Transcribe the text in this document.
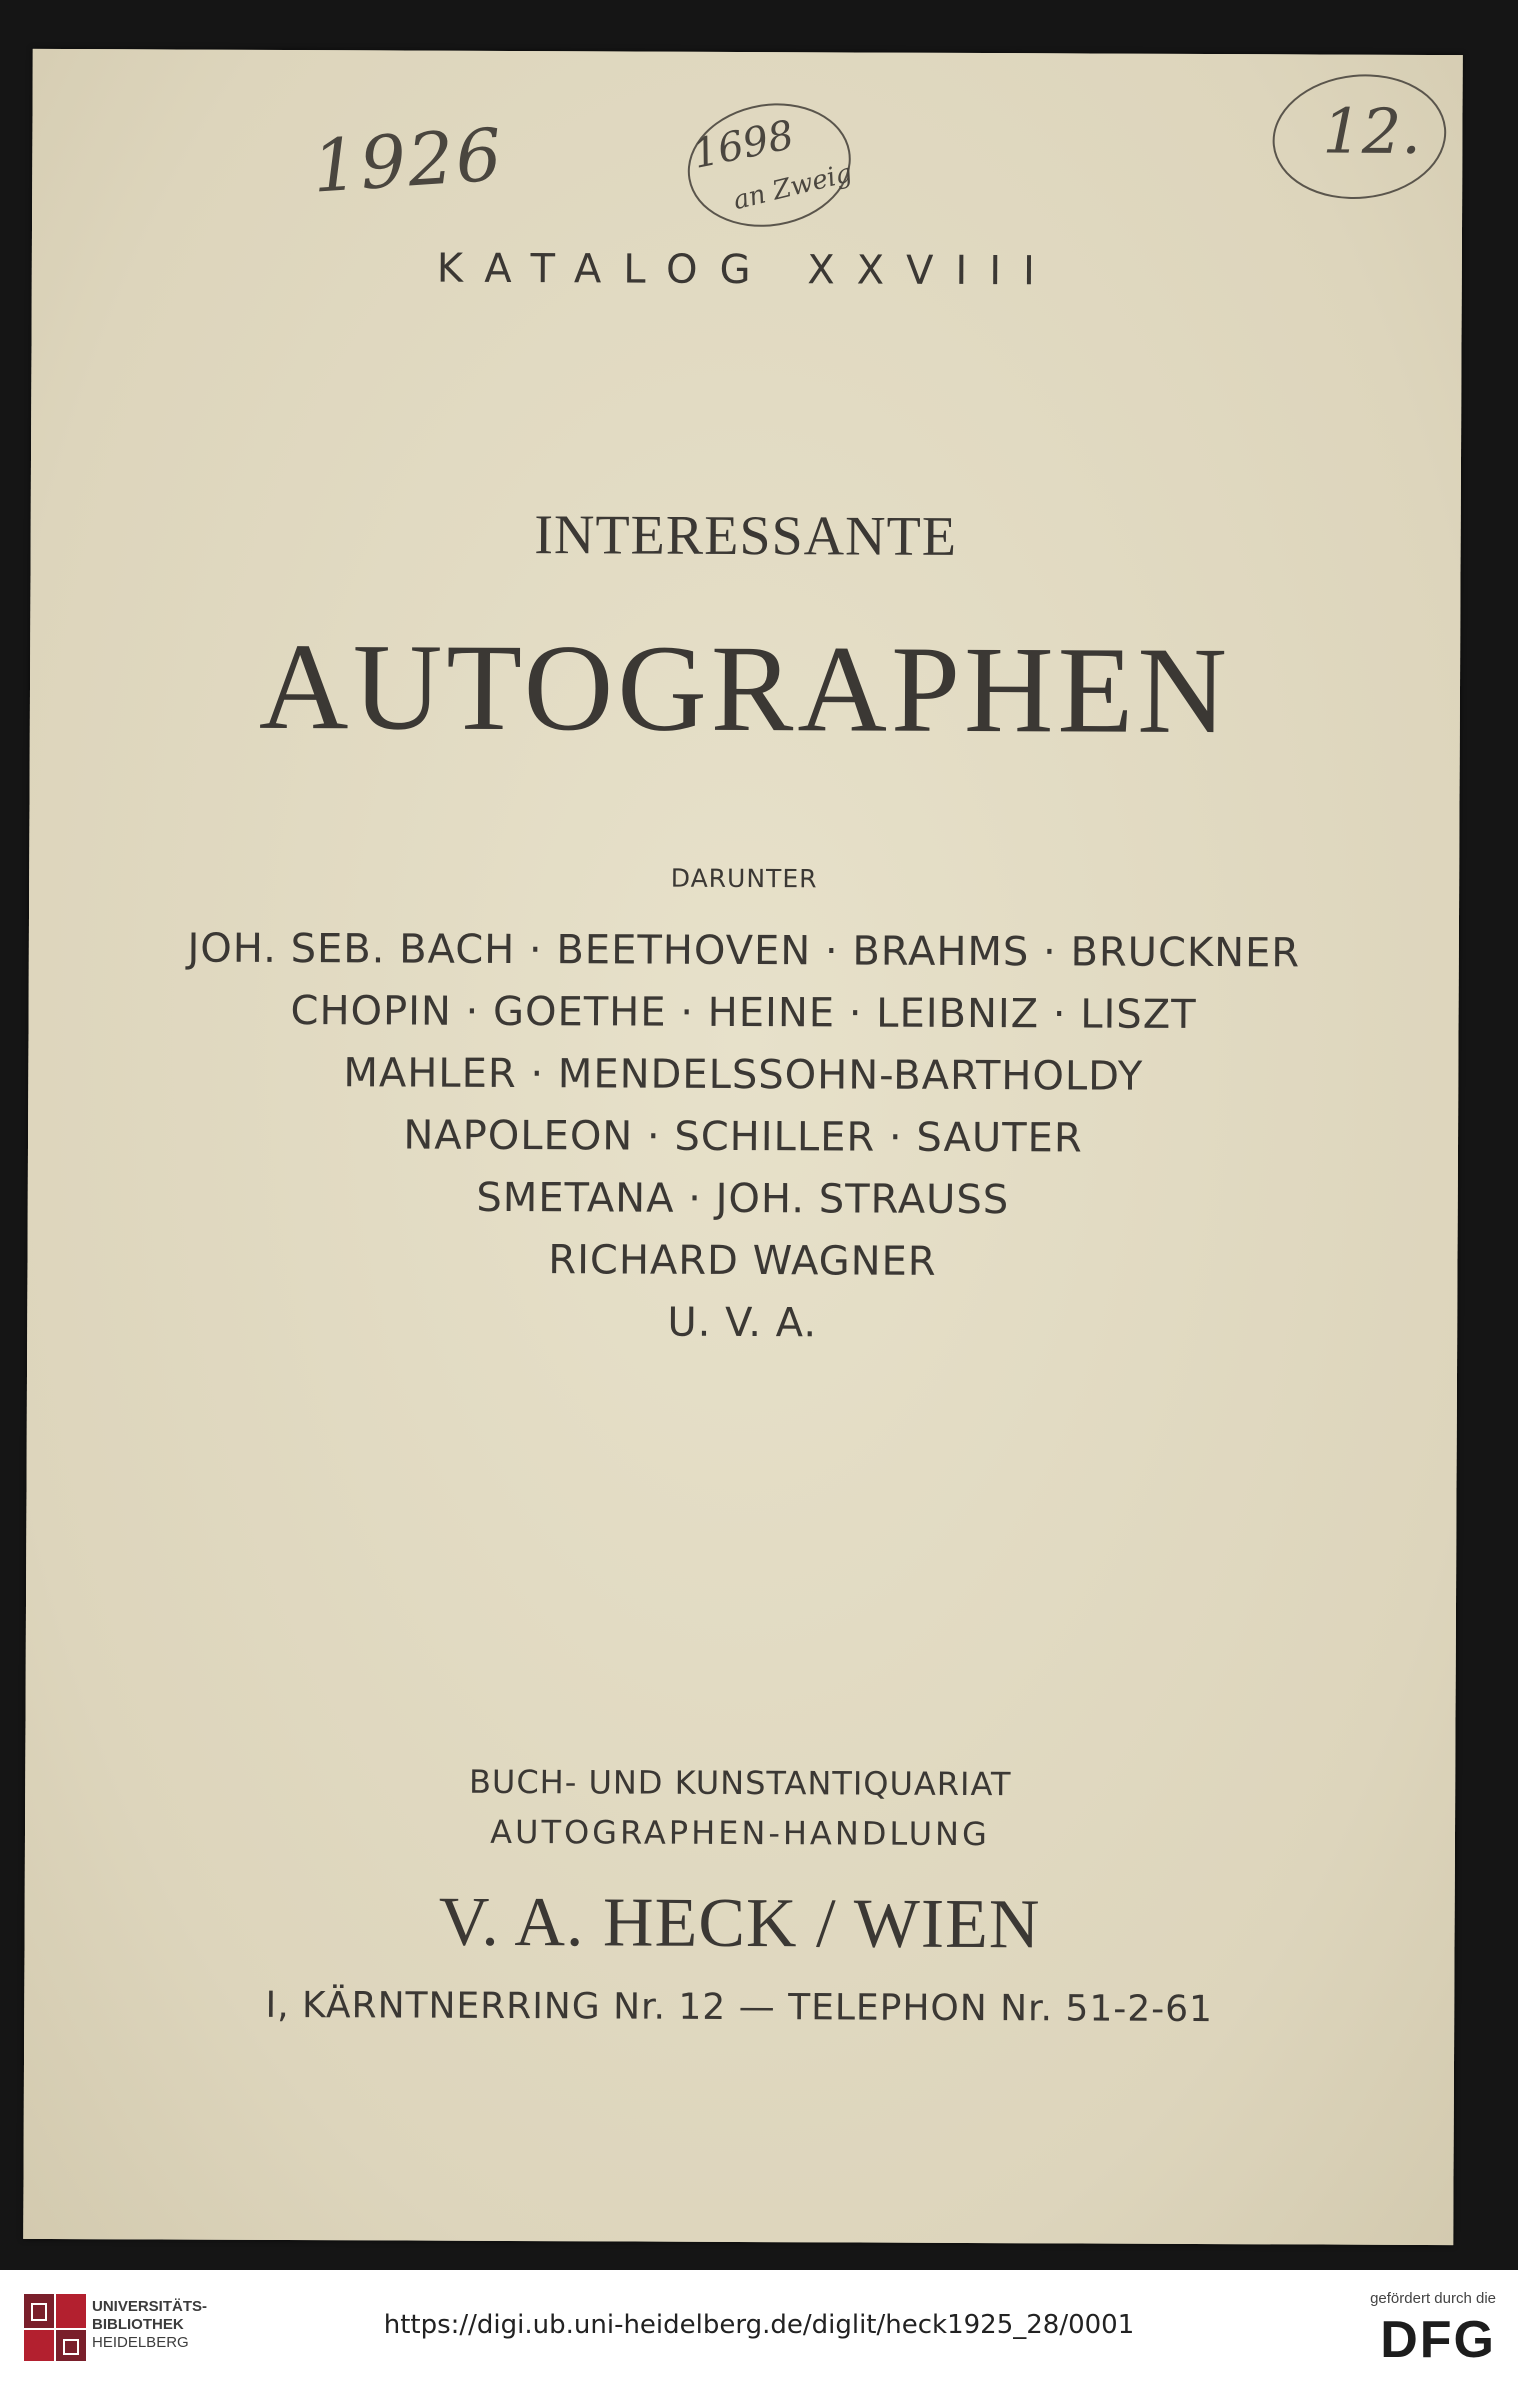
1926	1698
an Zweig
12.
KATALOG XXVIII
INTERESSANTE
AUTOGRAPHEN
DARUNTER
JOH. SEB. BACH · BEETHOVEN · BRAHMS · BRUCKNER
CHOPIN · GOETHE · HEINE · LEIBNIZ · LISZT
MAHLER · MENDELSSOHN-BARTHOLDY
NAPOLEON · SCHILLER · SAUTER
SMETANA · JOH. STRAUSS
RICHARD WAGNER
U. V. A.
BUCH- UND KUNSTANTIQUARIAT
AUTOGRAPHEN-HANDLUNG
V. A. HECK / WIEN
I, KÄRNTNERRING Nr. 12 — TELEPHON Nr. 51-2-61
UNIVERSITÄTS-
BIBLIOTHEK
HEIDELBERG
https://digi.ub.uni-heidelberg.de/diglit/heck1925_28/0001
gefördert durch die
DFG
